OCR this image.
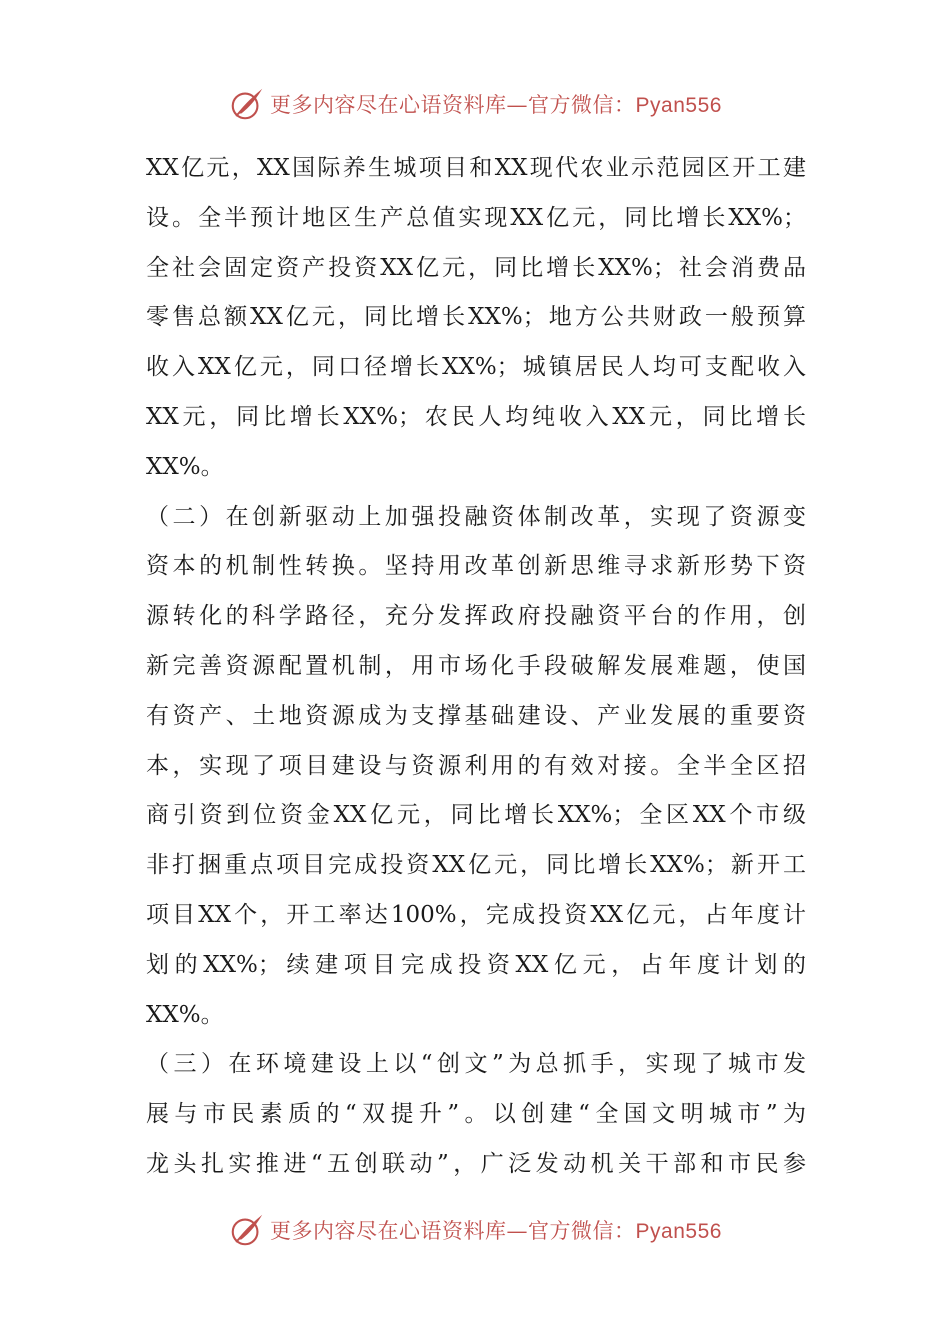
更多内容尽在心语资料库—官方微信：Pyan556
XX亿元，XX国际养生城项目和XX现代农业示范园区开工建
设。全半预计地区生产总值实现XX亿元，同比增长XX%；
全社会固定资产投资XX亿元，同比增长XX%；社会消费品
零售总额XX亿元，同比增长XX%；地方公共财政一般预算
收入XX亿元，同口径增长XX%；城镇居民人均可支配收入
XX元，同比增长XX%；农民人均纯收入XX元，同比增长
XX%。
（二）在创新驱动上加强投融资体制改革，实现了资源变
资本的机制性转换。坚持用改革创新思维寻求新形势下资
源转化的科学路径，充分发挥政府投融资平台的作用，创
新完善资源配置机制，用市场化手段破解发展难题，使国
有资产、土地资源成为支撑基础建设、产业发展的重要资
本，实现了项目建设与资源利用的有效对接。全半全区招
商引资到位资金XX亿元，同比增长XX%；全区XX个市级
非打捆重点项目完成投资XX亿元，同比增长XX%；新开工
项目XX个，开工率达100%，完成投资XX亿元，占年度计
划的XX%；续建项目完成投资XX亿元，占年度计划的
XX%。
（三）在环境建设上以“创文”为总抓手，实现了城市发
展与市民素质的“双提升”。以创建“全国文明城市”为
龙头扎实推进“五创联动”，广泛发动机关干部和市民参
更多内容尽在心语资料库—官方微信：Pyan556
